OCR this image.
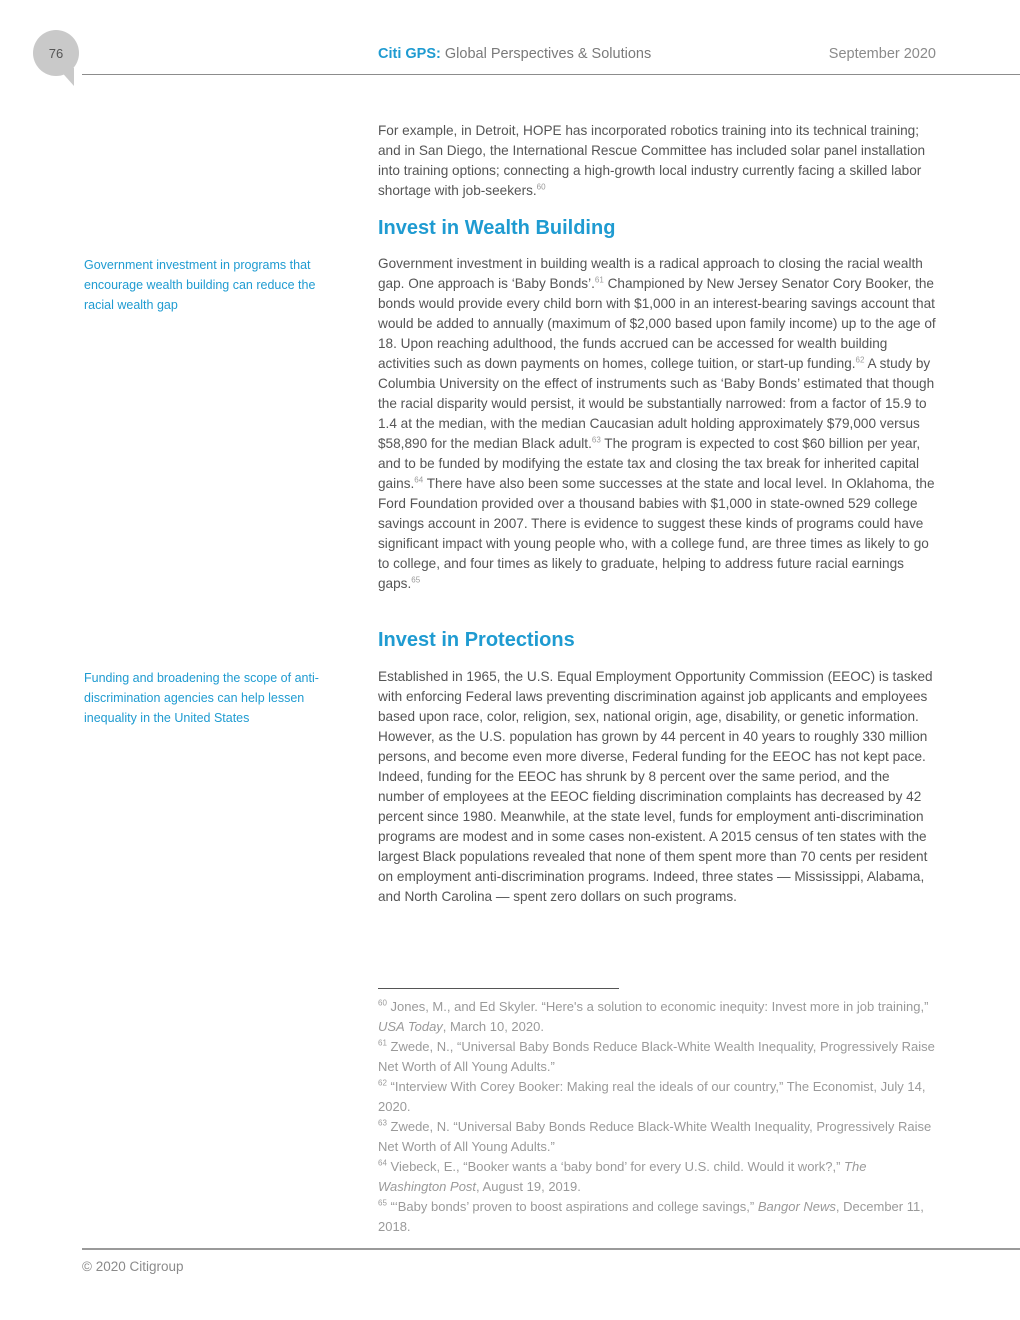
76	Citi GPS: Global Perspectives & Solutions	September 2020
Government investment in programs that encourage wealth building can reduce the racial wealth gap
Funding and broadening the scope of anti-discrimination agencies can help lessen inequality in the United States

For example, in Detroit, HOPE has incorporated robotics training into its technical training; and in San Diego, the International Rescue Committee has included solar panel installation into training options; connecting a high-growth local industry currently facing a skilled labor shortage with job-seekers.$^{60}$

Invest in Wealth Building

Government investment in building wealth is a radical approach to closing the racial wealth gap. One approach is ‘Baby Bonds’.$^{61}$ Championed by New Jersey Senator Cory Booker, the bonds would provide every child born with $1,000 in an interest-bearing savings account that would be added to annually (maximum of $2,000 based upon family income) up to the age of 18. Upon reaching adulthood, the funds accrued can be accessed for wealth building activities such as down payments on homes, college tuition, or start-up funding.$^{62}$ A study by Columbia University on the effect of instruments such as ‘Baby Bonds’ estimated that though the racial disparity would persist, it would be substantially narrowed: from a factor of 15.9 to 1.4 at the median, with the median Caucasian adult holding approximately $79,000 versus $58,890 for the median Black adult.$^{63}$ The program is expected to cost $60 billion per year, and to be funded by modifying the estate tax and closing the tax break for inherited capital gains.$^{64}$ There have also been some successes at the state and local level. In Oklahoma, the Ford Foundation provided over a thousand babies with $1,000 in state-owned 529 college savings account in 2007. There is evidence to suggest these kinds of programs could have significant impact with young people who, with a college fund, are three times as likely to go to college, and four times as likely to graduate, helping to address future racial earnings gaps.$^{65}$

Invest in Protections

Established in 1965, the U.S. Equal Employment Opportunity Commission (EEOC) is tasked with enforcing Federal laws preventing discrimination against job applicants and employees based upon race, color, religion, sex, national origin, age, disability, or genetic information. However, as the U.S. population has grown by 44 percent in 40 years to roughly 330 million persons, and become even more diverse, Federal funding for the EEOC has not kept pace. Indeed, funding for the EEOC has shrunk by 8 percent over the same period, and the number of employees at the EEOC fielding discrimination complaints has decreased by 42 percent since 1980. Meanwhile, at the state level, funds for employment anti-discrimination programs are modest and in some cases non-existent. A 2015 census of ten states with the largest Black populations revealed that none of them spent more than 70 cents per resident on employment anti-discrimination programs. Indeed, three states — Mississippi, Alabama, and North Carolina — spent zero dollars on such programs.

$^{60}$ Jones, M., and Ed Skyler. “Here's a solution to economic inequity: Invest more in job training,” USA Today, March 10, 2020.

$^{61}$ Zwede, N., “Universal Baby Bonds Reduce Black-White Wealth Inequality, Progressively Raise Net Worth of All Young Adults.”

$^{62}$ “Interview With Corey Booker: Making real the ideals of our country,” The Economist, July 14, 2020.

$^{63}$ Zwede, N. “Universal Baby Bonds Reduce Black-White Wealth Inequality, Progressively Raise Net Worth of All Young Adults.”

$^{64}$ Viebeck, E., “Booker wants a ‘baby bond’ for every U.S. child. Would it work?,” The Washington Post, August 19, 2019.

$^{65}$ “‘Baby bonds’ proven to boost aspirations and college savings,” Bangor News, December 11, 2018.

© 2020 Citigroup
